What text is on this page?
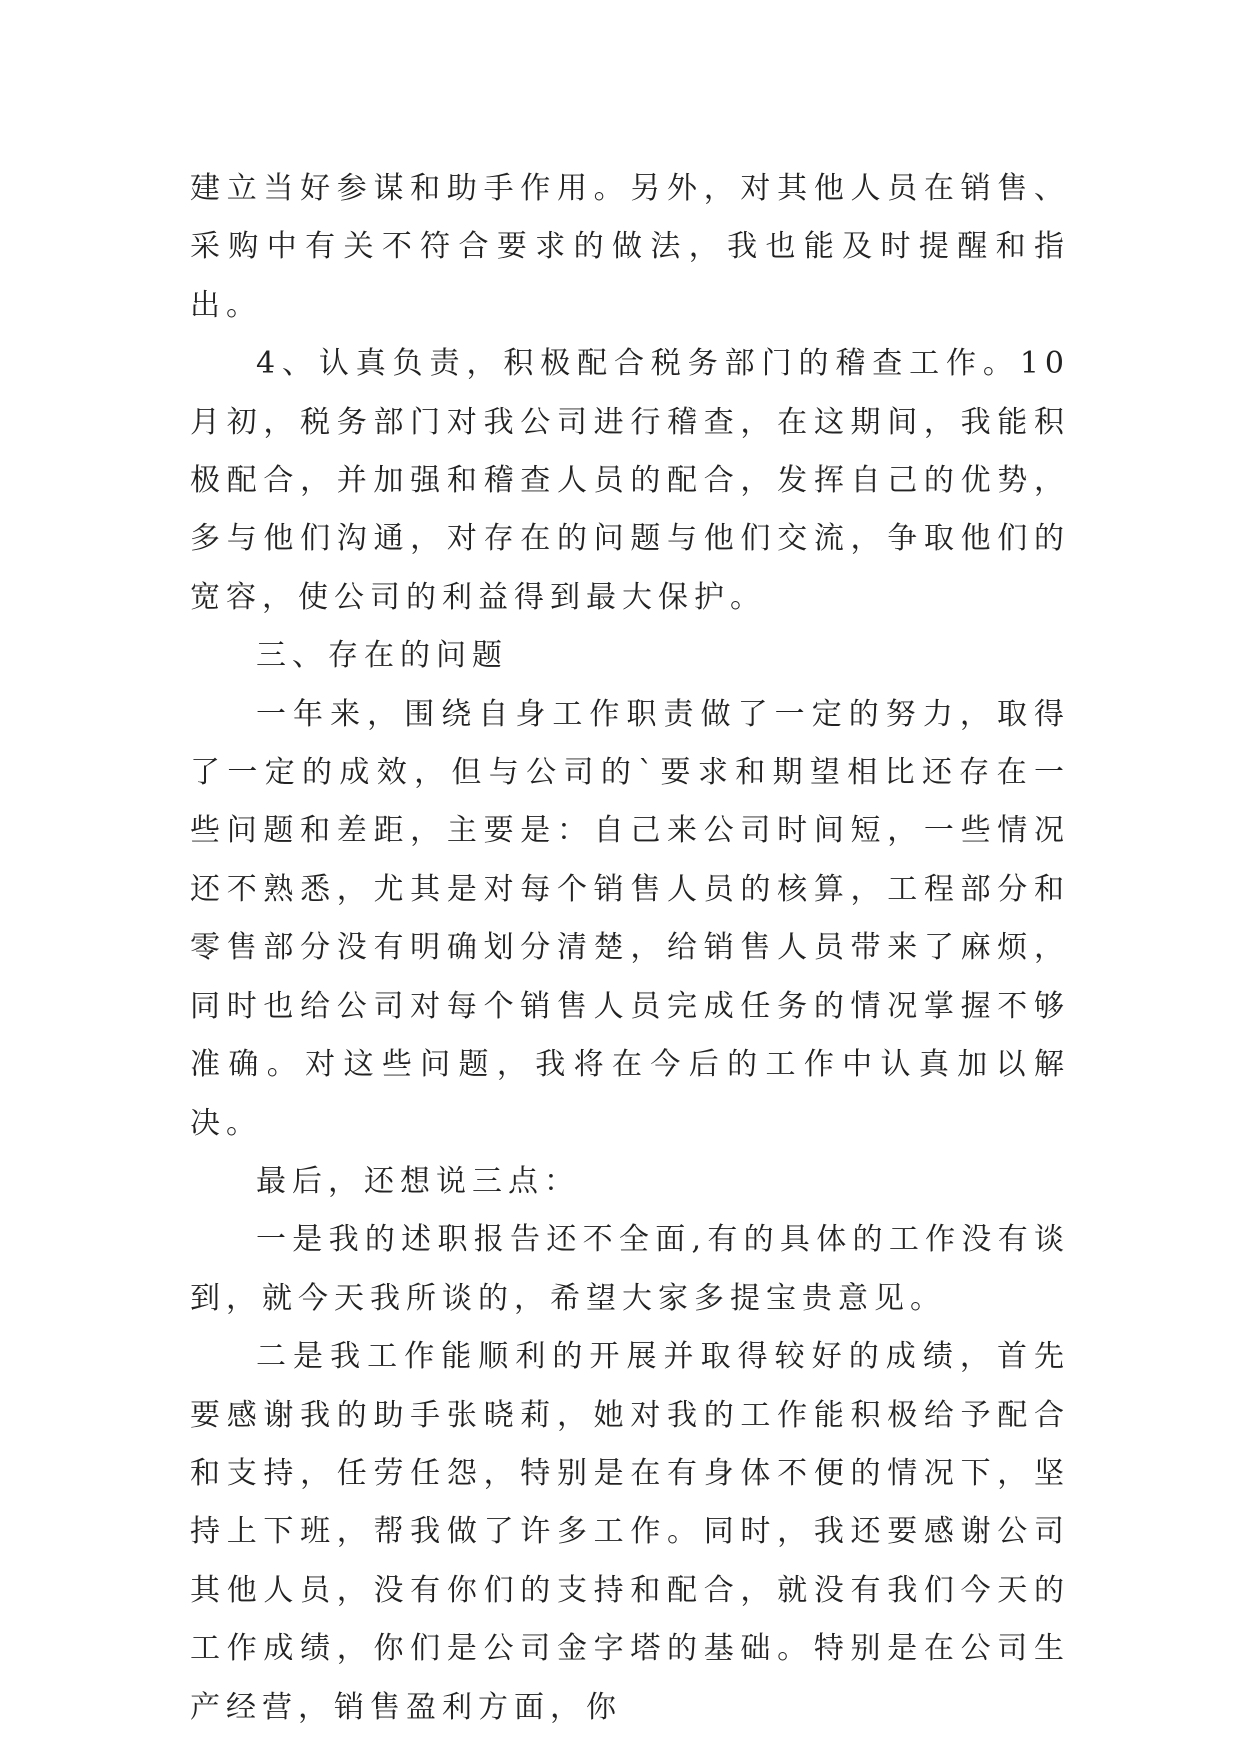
建立当好参谋和助手作用。另外，对其他人员在销售、采购中有关不符合要求的做法，我也能及时提醒和指出。

4、认真负责，积极配合税务部门的稽查工作。10月初，税务部门对我公司进行稽查，在这期间，我能积极配合，并加强和稽查人员的配合，发挥自己的优势，多与他们沟通，对存在的问题与他们交流，争取他们的宽容，使公司的利益得到最大保护。

三、存在的问题

一年来，围绕自身工作职责做了一定的努力，取得了一定的成效，但与公司的`要求和期望相比还存在一些问题和差距，主要是：自己来公司时间短，一些情况还不熟悉，尤其是对每个销售人员的核算，工程部分和零售部分没有明确划分清楚，给销售人员带来了麻烦，同时也给公司对每个销售人员完成任务的情况掌握不够准确。对这些问题，我将在今后的工作中认真加以解决。

最后，还想说三点：

一是我的述职报告还不全面,有的具体的工作没有谈到，就今天我所谈的，希望大家多提宝贵意见。

二是我工作能顺利的开展并取得较好的成绩，首先要感谢我的助手张晓莉，她对我的工作能积极给予配合和支持，任劳任怨，特别是在有身体不便的情况下，坚持上下班，帮我做了许多工作。同时，我还要感谢公司其他人员，没有你们的支持和配合，就没有我们今天的工作成绩，你们是公司金字塔的基础。特别是在公司生产经营，销售盈利方面，你
